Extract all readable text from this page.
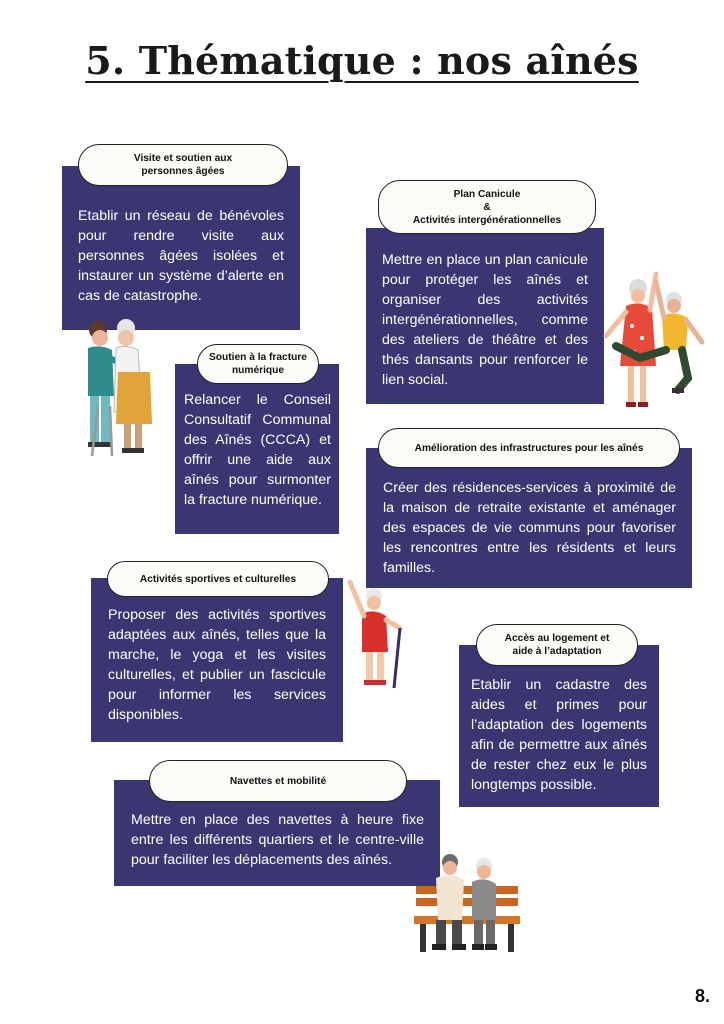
5. Thématique : nos aînés
Etablir un réseau de bénévoles pour rendre visite aux personnes âgées isolées et instaurer un système d’alerte en cas de catastrophe.
Visite et soutien aux
personnes âgées
Mettre en place un plan canicule pour protéger les aînés et organiser des activités intergénérationnelles, comme des ateliers de théâtre et des thés dansants pour renforcer le lien social.
Plan Canicule
&
Activités intergénérationnelles
Relancer le Conseil Consultatif Communal des Aînés (CCCA) et offrir une aide aux aînés pour surmonter la fracture numérique.
Soutien à la fracture
numérique
Créer des résidences-services à proximité de la maison de retraite existante et aménager des espaces de vie communs pour favoriser les rencontres entre les résidents et leurs familles.
Amélioration des infrastructures pour les aînés
Proposer des activités sportives adaptées aux aînés, telles que la marche, le yoga et les visites culturelles, et publier un fascicule pour informer les services disponibles.
Activités sportives et culturelles
Etablir un cadastre des aides et primes pour l’adaptation des logements afin de permettre aux aînés de rester chez eux le plus longtemps possible.
Accès au logement et
aide à l’adaptation
Mettre en place des navettes à heure fixe entre les différents quartiers et le centre-ville pour faciliter les déplacements des aînés.
Navettes et mobilité
8.
